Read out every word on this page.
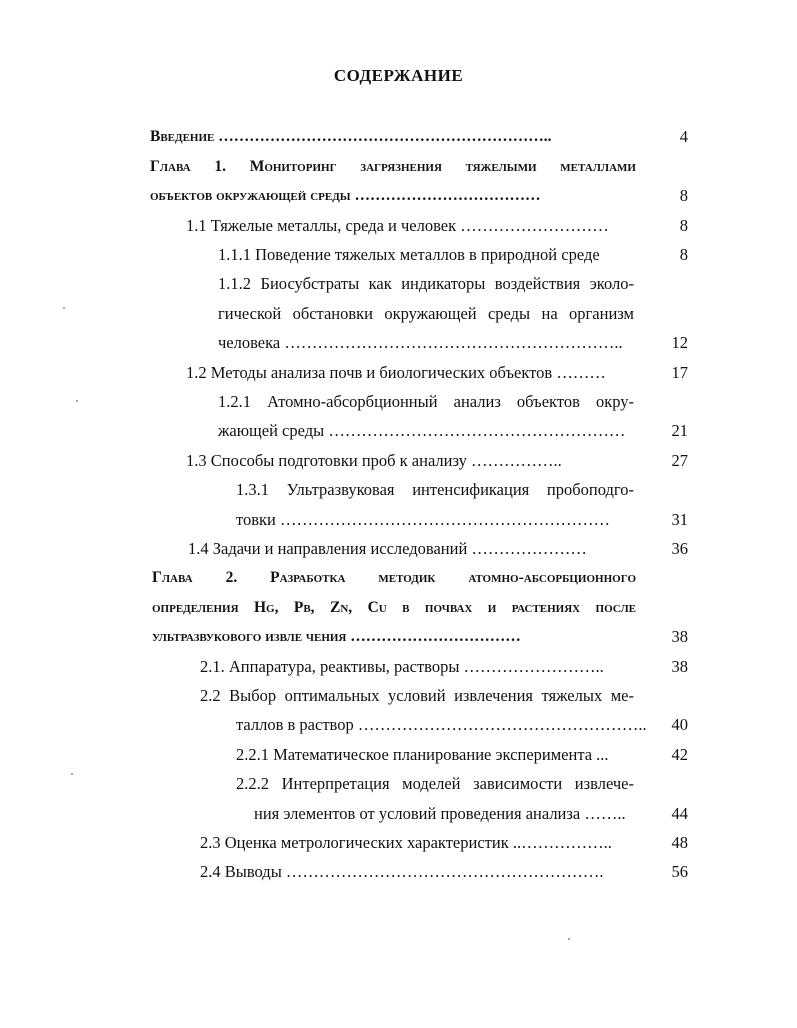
СОДЕРЖАНИЕ
Введение ………………………………………………………..	4
Глава 1. Мониторинг загрязнения тяжелыми металлами
объектов окружающей среды ………………………………	8
1.1 Тяжелые металлы, среда и человек ………………………	8
1.1.1 Поведение тяжелых металлов в природной среде	8
1.1.2 Биосубстраты как индикаторы воздействия эколо-
гической обстановки окружающей среды на организм
человека ……………………………………………………..	12
1.2 Методы анализа почв и биологических объектов ………	17
1.2.1 Атомно-абсорбционный анализ объектов окру-
жающей среды ………………………………………………	21
1.3 Способы подготовки проб к анализу ……………..	27
1.3.1 Ультразвуковая интенсификация пробоподго-
товки ……………………………………………………	31
1.4 Задачи и направления исследований …………………	36
Глава 2. Разработка методик атомно-абсорбционного
определения Hg, Pb, Zn, Cu в почвах и растениях после
ультразвукового извле чения ……………………………	38
2.1. Аппаратура, реактивы, растворы ……………………..	38
2.2 Выбор оптимальных условий извлечения тяжелых ме-
таллов в раствор ……………………………………………..	40
2.2.1 Математическое планирование эксперимента ...	42
2.2.2 Интерпретация моделей зависимости извлече-
ния элементов от условий проведения анализа ……..	44
2.3 Оценка метрологических характеристик ..……………..	48
2.4 Выводы ………………………………………………….	56
